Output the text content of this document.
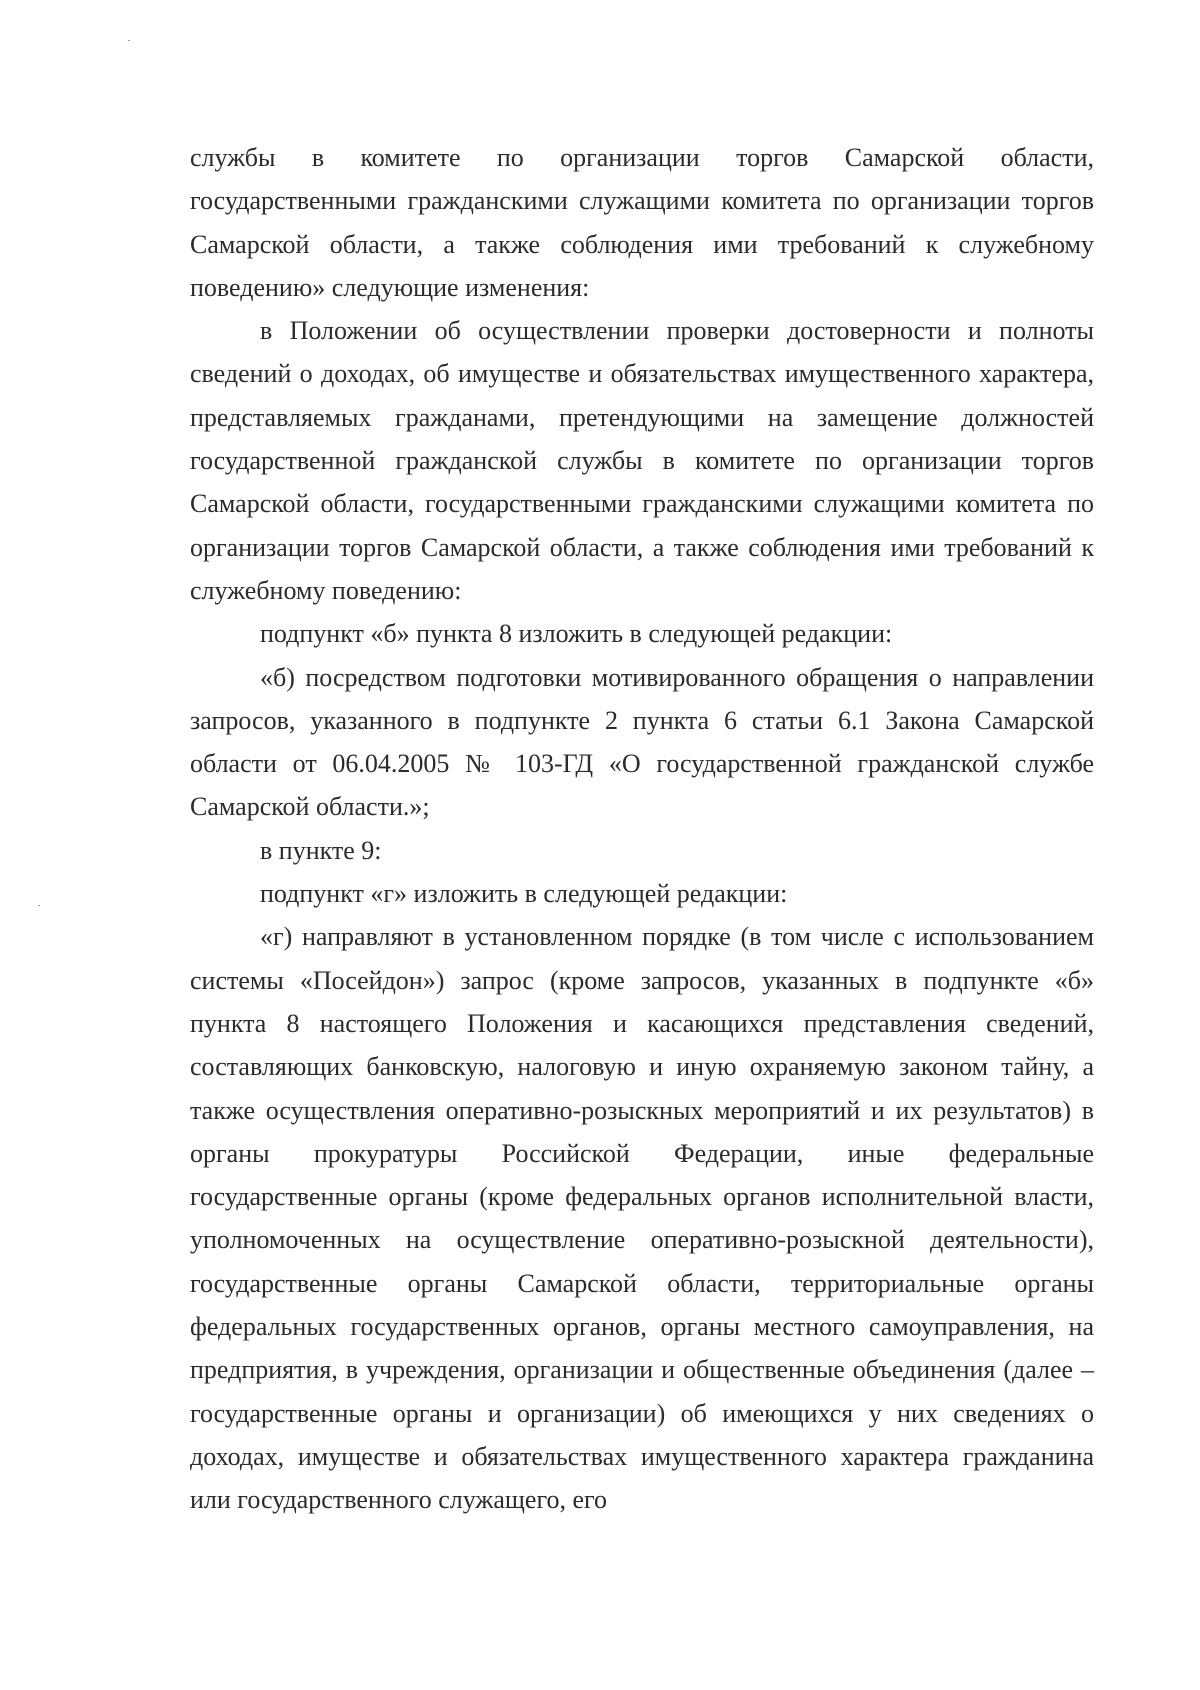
службы в комитете по организации торгов Самарской области, государственными гражданскими служащими комитета по организации торгов Самарской области, а также соблюдения ими требований к служебному поведению» следующие изменения:

в Положении об осуществлении проверки достоверности и полноты сведений о доходах, об имуществе и обязательствах имущественного характера, представляемых гражданами, претендующими на замещение должностей государственной гражданской службы в комитете по организации торгов Самарской области, государственными гражданскими служащими комитета по организации торгов Самарской области, а также соблюдения ими требований к служебному поведению:

подпункт «б» пункта 8 изложить в следующей редакции:

«б) посредством подготовки мотивированного обращения о направлении запросов, указанного в подпункте 2 пункта 6 статьи 6.1 Закона Самарской области от 06.04.2005 № 103-ГД «О государственной гражданской службе Самарской области.»;

в пункте 9:

подпункт «г» изложить в следующей редакции:

«г) направляют в установленном порядке (в том числе с использованием системы «Посейдон») запрос (кроме запросов, указанных в подпункте «б» пункта 8 настоящего Положения и касающихся представления сведений, составляющих банковскую, налоговую и иную охраняемую законом тайну, а также осуществления оперативно-розыскных мероприятий и их результатов) в органы прокуратуры Российской Федерации, иные федеральные государственные органы (кроме федеральных органов исполнительной власти, уполномоченных на осуществление оперативно-розыскной деятельности), государственные органы Самарской области, территориальные органы федеральных государственных органов, органы местного самоуправления, на предприятия, в учреждения, организации и общественные объединения (далее – государственные органы и организации) об имеющихся у них сведениях о доходах, имуществе и обязательствах имущественного характера гражданина или государственного служащего, его
